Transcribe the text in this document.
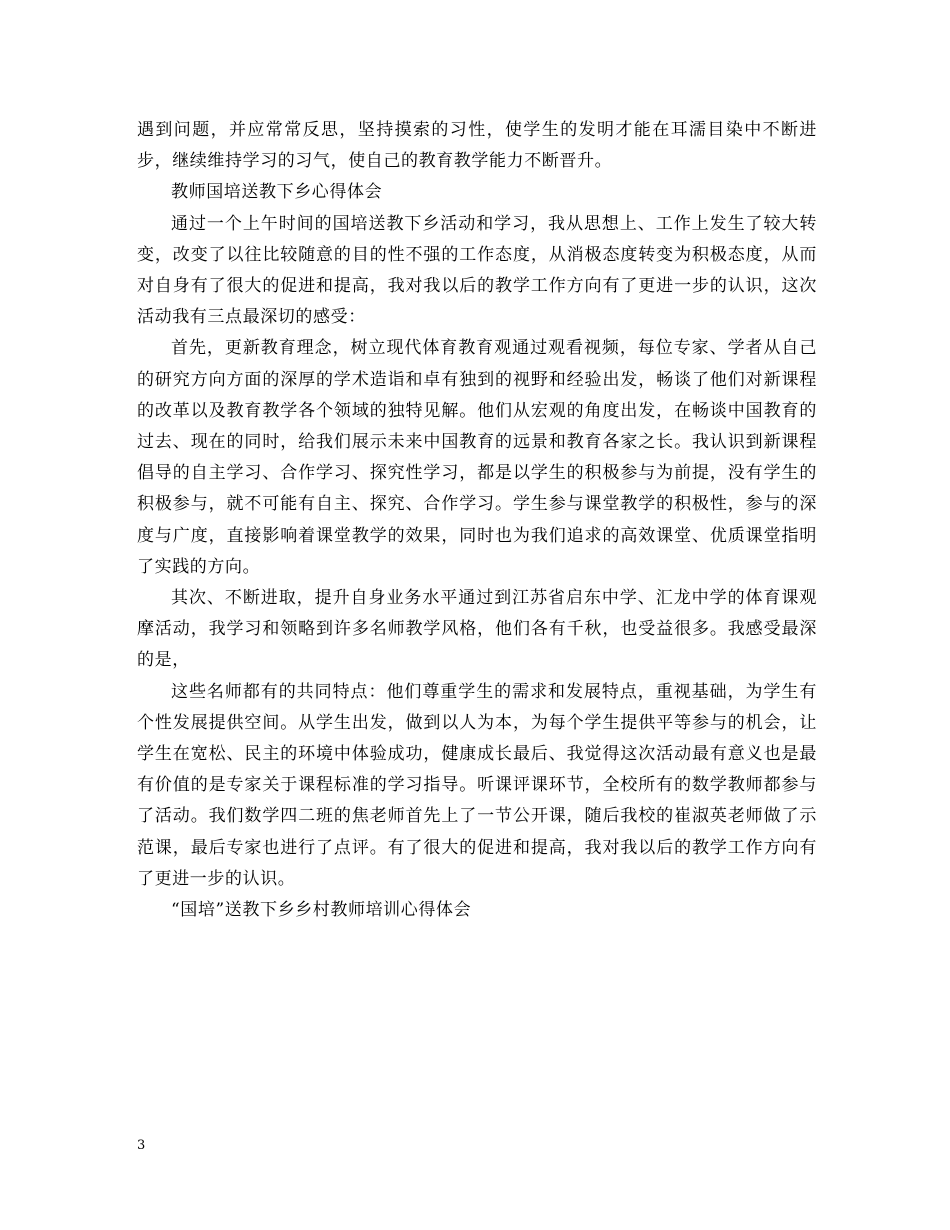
遇到问题，并应常常反思，坚持摸索的习性，使学生的发明才能在耳濡目染中不断进步，继续维持学习的习气，使自己的教育教学能力不断晋升。

教师国培送教下乡心得体会

通过一个上午时间的国培送教下乡活动和学习，我从思想上、工作上发生了较大转变，改变了以往比较随意的目的性不强的工作态度，从消极态度转变为积极态度，从而对自身有了很大的促进和提高，我对我以后的教学工作方向有了更进一步的认识，这次活动我有三点最深切的感受：

首先，更新教育理念，树立现代体育教育观通过观看视频，每位专家、学者从自己的研究方向方面的深厚的学术造诣和卓有独到的视野和经验出发，畅谈了他们对新课程的改革以及教育教学各个领域的独特见解。他们从宏观的角度出发，在畅谈中国教育的过去、现在的同时，给我们展示未来中国教育的远景和教育各家之长。我认识到新课程倡导的自主学习、合作学习、探究性学习，都是以学生的积极参与为前提，没有学生的积极参与，就不可能有自主、探究、合作学习。学生参与课堂教学的积极性，参与的深度与广度，直接影响着课堂教学的效果，同时也为我们追求的高效课堂、优质课堂指明了实践的方向。

其次、不断进取，提升自身业务水平通过到江苏省启东中学、汇龙中学的体育课观摩活动，我学习和领略到许多名师教学风格，他们各有千秋，也受益很多。我感受最深的是，

这些名师都有的共同特点：他们尊重学生的需求和发展特点，重视基础，为学生有个性发展提供空间。从学生出发，做到以人为本，为每个学生提供平等参与的机会，让学生在宽松、民主的环境中体验成功，健康成长最后、我觉得这次活动最有意义也是最有价值的是专家关于课程标准的学习指导。听课评课环节，全校所有的数学教师都参与了活动。我们数学四二班的焦老师首先上了一节公开课，随后我校的崔淑英老师做了示范课，最后专家也进行了点评。有了很大的促进和提高，我对我以后的教学工作方向有了更进一步的认识。

“国培”送教下乡乡村教师培训心得体会

3
